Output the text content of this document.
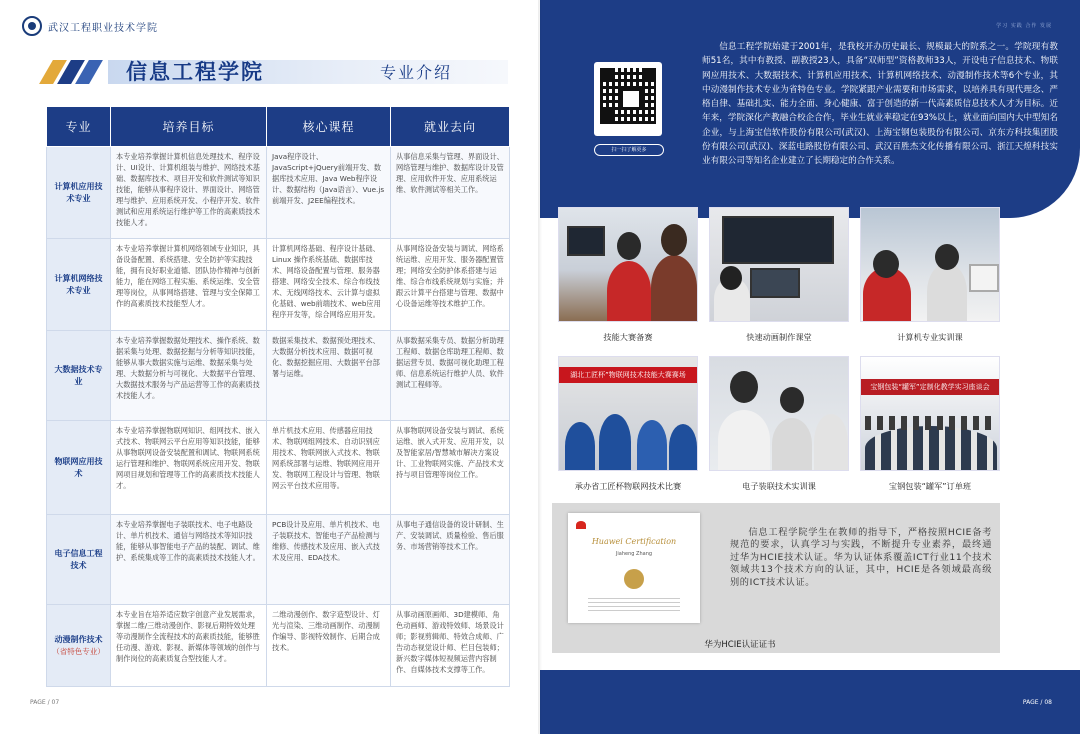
武汉工程职业技术学院
信息工程学院	专业介绍
专业	培养目标	核心课程	就业去向
计算机应用技术专业	本专业培养掌握计算机信息处理技术、程序设计、UI设计、计算机组装与维护、网络技术基础、数据库技术、项目开发和软件测试等知识技能，能够从事程序设计、界面设计、网络管理与维护、应用系统开发、小程序开发、软件测试和应用系统运行维护等工作的高素质技术技能人才。	Java程序设计、JavaScript+jQuery前端开发、数据库技术应用、Java Web程序设计、数据结构（Java语言）、Vue.js前端开发、J2EE编程技术。	从事信息采集与管理、界面设计、网络管理与维护、数据库设计及管理、应用软件开发、应用系统运维、软件测试等相关工作。
计算机网络技术专业	本专业培养掌握计算机网络领域专业知识，具备设备配置、系统搭建、安全防护等实践技能，拥有良好职业道德、团队协作精神与创新能力，能在网络工程实施、系统运维、安全管理等岗位，从事网络搭建、管理与安全保障工作的高素质技术技能型人才。	计算机网络基础、程序设计基础、Linux 操作系统基础、数据库技术、网络设备配置与管理、服务器搭建、网络安全技术、综合布线技术、无线网络技术、云计算与虚拟化基础、web前端技术、web应用程序开发等，综合网络应用开发。	从事网络设备安装与调试、网络系统运维、应用开发、服务器配置管理；网络安全防护体系搭建与运维、综合布线系统规划与实施；并跟云计算平台搭建与管理、数据中心设备运维等技术维护工作。
大数据技术专业	本专业培养掌握数据处理技术、操作系统、数据采集与处理、数据挖掘与分析等知识技能，能够从事大数据实施与运维、数据采集与处理、大数据分析与可视化、大数据平台管理、大数据技术服务与产品运营等工作的高素质技术技能人才。	数据采集技术、数据预处理技术、大数据分析技术应用、数据可视化、数据挖掘应用、大数据平台部署与运维。	从事数据采集专员、数据分析助理工程师、数据仓库助理工程师、数据运营专员、数据可视化助理工程师、信息系统运行维护人员、软件测试工程师等。
物联网应用技术	本专业培养掌握物联网知识、组网技术、嵌入式技术、物联网云平台应用等知识技能，能够从事物联网设备安装配置和调试、物联网系统运行管理和维护、物联网系统应用开发、物联网项目规划和管理等工作的高素质技术技能人才。	单片机技术应用、传感器应用技术、物联网组网技术、自动识别应用技术、物联网嵌入式技术、物联网系统部署与运维、物联网应用开发、物联网工程设计与管理、物联网云平台技术应用等。	从事物联网设备安装与调试、系统运维、嵌入式开发、应用开发，以及智能家居/智慧城市解决方案设计、工业物联网实施、产品技术支持与项目管理等岗位工作。
电子信息工程技术	本专业培养掌握电子装联技术、电子电路设计、单片机技术、通信与网络技术等知识技能，能够从事智能电子产品的装配、调试、维护、系统集成等工作的高素质技术技能人才。	PCB设计及应用、单片机技术、电子装联技术、智能电子产品检测与维修、传感技术及应用、嵌入式技术及应用、EDA技术。	从事电子通信设备的设计研制、生产、安装调试、质量检验、售后服务、市场营销等技术工作。
动漫制作技术
（省特色专业）	本专业旨在培养适应数字创意产业发展需求，掌握二维/三维动漫创作、影视后期特效处理等动漫制作全流程技术的高素质技能，能够胜任动漫、游戏、影视、新媒体等领域的创作与制作岗位的高素质复合型技能人才。	二维动漫创作、数字造型设计、灯光与渲染、三维动画制作、动漫制作编导、影视特效制作、后期合成技术。	从事动画原画师、3D建模师、角色动画师、游戏特效师、场景设计师；影视剪辑师、特效合成师、广告动态视觉设计师、栏目包装师；新兴数字媒体短视频运营内容制作、自媒体技术支撑等工作。
PAGE / 07
学习 实践 合作 发展
扫一扫了解更多
信息工程学院始建于2001年，是我校开办历史最长、规模最大的院系之一。学院现有教师51名，其中有教授、副教授23人，具备“双师型”资格教师33人，开设电子信息技术、物联网应用技术、大数据技术、计算机应用技术、计算机网络技术、动漫制作技术等6个专业，其中动漫制作技术专业为省特色专业。学院紧跟产业需要和市场需求，以培养具有现代理念、严格自律、基础扎实、能力全面、身心健康、富于创造的新一代高素质信息技术人才为目标。近年来，学院深化产教融合校企合作，毕业生就业率稳定在93%以上，就业面向国内大中型知名企业，与上海宝信软件股份有限公司(武汉)、上海宝钢包装股份有限公司、京东方科技集团股份有限公司(武汉)、深蓝电路股份有限公司、武汉百胜杰文化传播有限公司、浙江天煌科技实业有限公司等知名企业建立了长期稳定的合作关系。
技能大赛备赛	快速动画制作课堂	计算机专业实训课
湖北工匠杯”物联网技术技能大赛赛场
承办省工匠杯物联网技术比赛	电子装联技术实训课
宝钢包装“罐军”定制化教学实习座谈会
宝钢包装“罐军”订单班
Huawei Certification
Jiaheng Zhang
信息工程学院学生在教师的指导下，严格按照HCIE备考规范的要求，认真学习与实践，不断提升专业素养，最终通过华为HCIE技术认证。华为认证体系覆盖ICT行业11个技术领域共13个技术方向的认证，其中，HCIE是各领域最高级别的ICT技术认证。
华为HCIE认证证书
PAGE / 08
